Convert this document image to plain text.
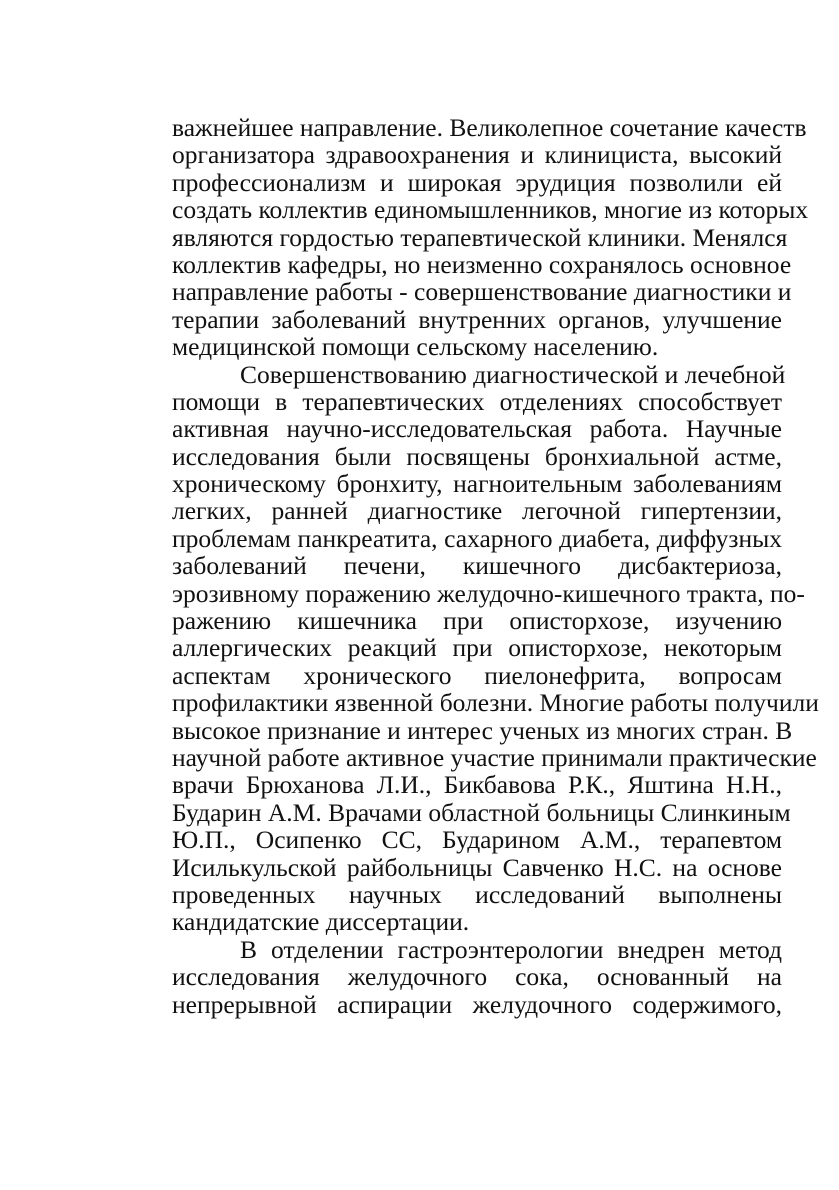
важнейшее направление. Великолепное сочетание качеств
организатора здравоохранения и клинициста, высокий
профессионализм и широкая эрудиция позволили ей
создать коллектив единомышленников, многие из которых
являются гордостью терапевтической клиники. Менялся
коллектив кафедры, но неизменно сохранялось основное
направление работы - совершенствование диагностики и
терапии заболеваний внутренних органов, улучшение
медицинской помощи сельскому населению.
Совершенствованию диагностической и лечебной
помощи в терапевтических отделениях способствует
активная научно-исследовательская работа. Научные
исследования были посвящены бронхиальной астме,
хроническому бронхиту, нагноительным заболеваниям
легких, ранней диагностике легочной гипертензии,
проблемам панкреатита, сахарного диабета, диффузных
заболеваний печени, кишечного дисбактериоза,
эрозивному поражению желудочно-кишечного тракта, по-
ражению кишечника при описторхозе, изучению
аллергических реакций при описторхозе, некоторым
аспектам хронического пиелонефрита, вопросам
профилактики язвенной болезни. Многие работы получили
высокое признание и интерес ученых из многих стран. В
научной работе активное участие принимали практические
врачи Брюханова Л.И., Бикбавова Р.К., Яштина Н.Н.,
Бударин А.М. Врачами областной больницы Слинкиным
Ю.П., Осипенко СС, Бударином А.М., терапевтом
Исилькульской райбольницы Савченко Н.С. на основе
проведенных научных исследований выполнены
кандидатские диссертации.
В отделении гастроэнтерологии внедрен метод
исследования желудочного сока, основанный на
непрерывной аспирации желудочного содержимого,
